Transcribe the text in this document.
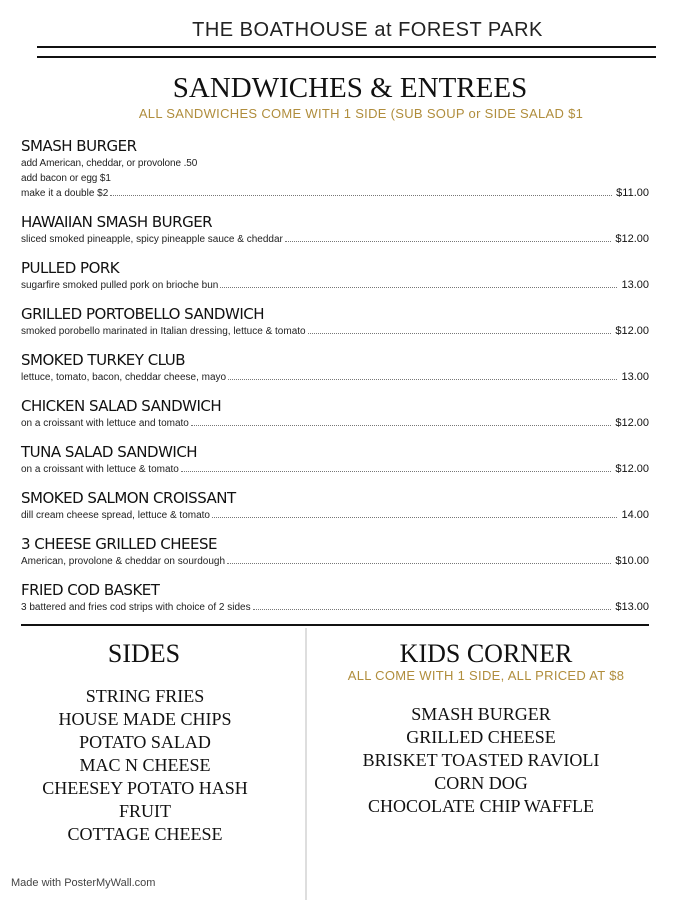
THE BOATHOUSE at FOREST PARK
SANDWICHES & ENTREES
ALL SANDWICHES COME WITH 1 SIDE (SUB SOUP or SIDE SALAD $1
SMASH BURGER
add American, cheddar, or provolone .50
add bacon or egg $1
make it a double $2	$11.00
HAWAIIAN SMASH BURGER
sliced smoked pineapple, spicy pineapple sauce & cheddar	$12.00
PULLED PORK
sugarfire smoked pulled pork on brioche bun	13.00
GRILLED PORTOBELLO SANDWICH
smoked porobello marinated in Italian dressing, lettuce & tomato	$12.00
SMOKED TURKEY CLUB
lettuce, tomato, bacon, cheddar cheese, mayo	13.00
CHICKEN SALAD SANDWICH
on a croissant with lettuce and tomato	$12.00
TUNA SALAD SANDWICH
on a croissant with lettuce & tomato	$12.00
SMOKED SALMON CROISSANT
dill cream cheese spread, lettuce & tomato	14.00
3 CHEESE GRILLED CHEESE
American, provolone & cheddar on sourdough	$10.00
FRIED COD BASKET
3 battered and fries cod strips with choice of 2 sides	$13.00
SIDES
STRING FRIES
HOUSE MADE CHIPS
POTATO SALAD
MAC N CHEESE
CHEESEY POTATO HASH
FRUIT
COTTAGE CHEESE
KIDS CORNER
ALL COME WITH 1 SIDE, ALL PRICED AT $8
SMASH BURGER
GRILLED CHEESE
BRISKET TOASTED RAVIOLI
CORN DOG
CHOCOLATE CHIP WAFFLE
Made with PosterMyWall.com
